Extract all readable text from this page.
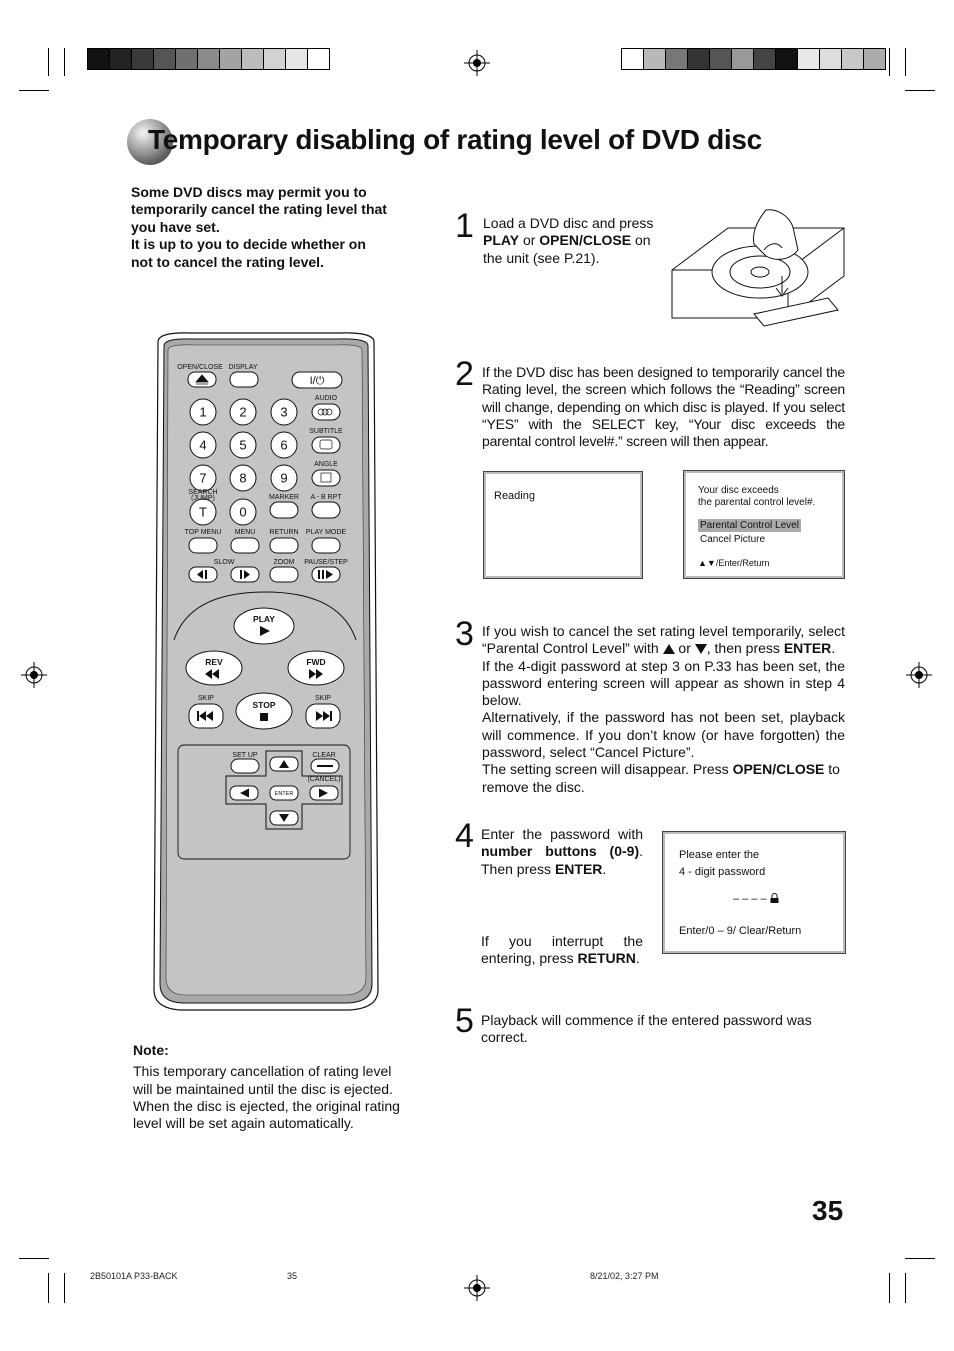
Temporary disabling of rating level of DVD disc

Some DVD discs may permit you to temporarily cancel the rating level that you have set.

It is up to you to decide whether on not to cancel the rating level.

1 Load a DVD disc and press PLAY or OPEN/CLOSE on the unit (see P.21).
2 If the DVD disc has been designed to temporarily cancel the Rating level, the screen which follows the “Reading” screen will change, depending on which disc is played. If you select “YES” with the SELECT key, “Your disc exceeds the parental control level#.” screen will then appear.
Reading	Your disc exceeds
the parental control level#.
Parental Control Level
Cancel Picture
▲▼/Enter/Return
3 If you wish to cancel the set rating level temporarily, select “Parental Control Level” with  or , then press ENTER.

If the 4-digit password at step 3 on P.33 has been set, the password entering screen will appear as shown in step 4 below.

Alternatively, if the password has not been set, playback will commence. If you don’t know (or have forgotten) the password, select “Cancel Picture”.

The setting screen will disappear. Press OPEN/CLOSE to remove the disc.

4 Enter the password with number buttons (0-9). Then press ENTER.
If you interrupt the entering, press RETURN.
Please enter the
4 - digit password
– – – –
Enter/0 – 9/ Clear/Return
5 Playback will commence if the entered password was correct.
OPEN/CLOSE DISPLAY
I/⏻
AUDIO
SUBTITLE
ANGLE
1	2	3
4	5	6
7	8	9
T 0
SEARCH
(JUMP)	MARKER A - B RPT
TOP MENU MENU RETURN PLAY MODE
SLOW	ZOOM PAUSE/STEP
PLAY
REV	FWD
SKIP	SKIP
STOP
SET UP	CLEAR
(CANCEL)
ENTER
Note:
This temporary cancellation of rating level will be maintained until the disc is ejected. When the disc is ejected, the original rating level will be set again automatically.
35
2B50101A P33-BACK	35	8/21/02, 3:27 PM
